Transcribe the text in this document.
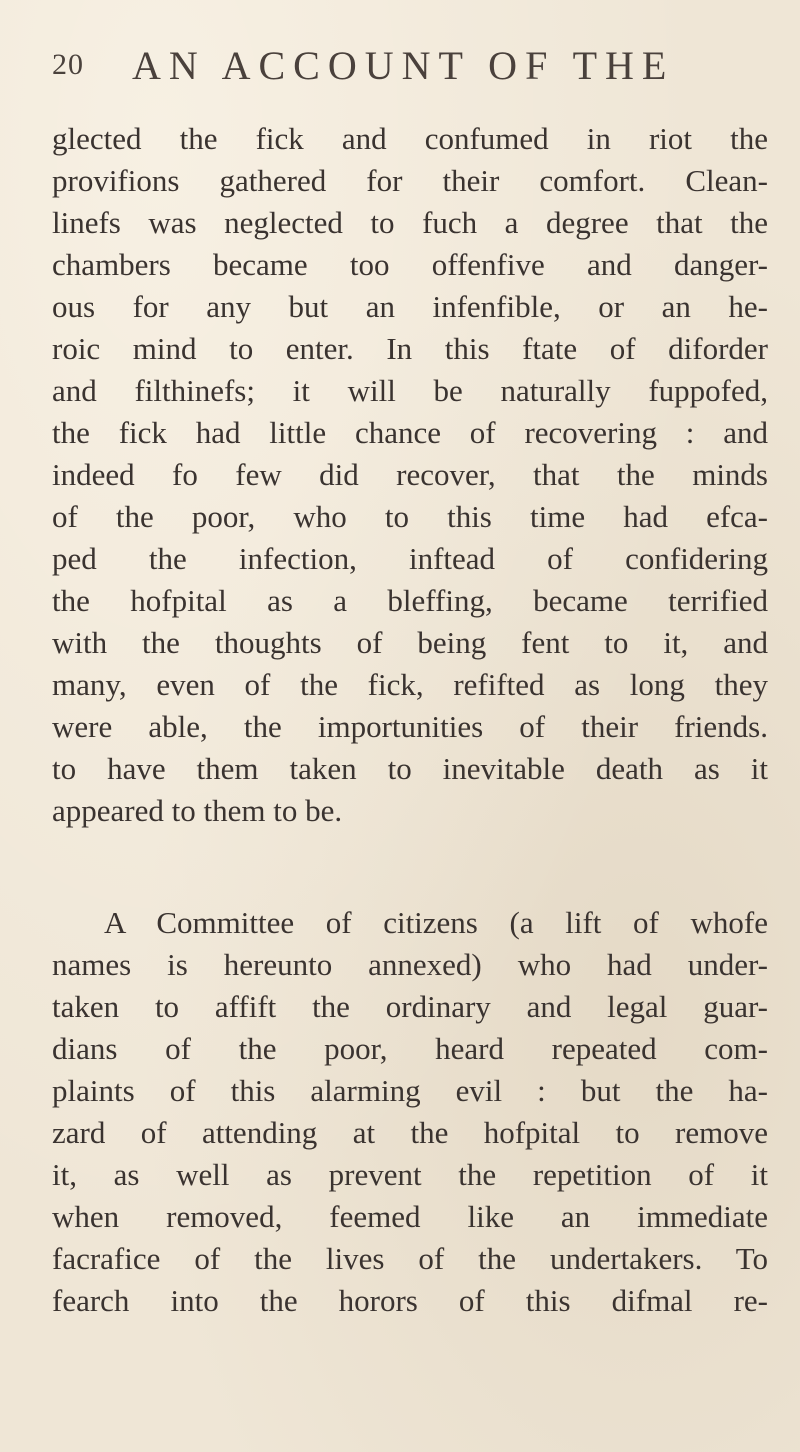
20 AN ACCOUNT OF THE
glected the fick and confumed in riot the
provifions gathered for their comfort. Clean-
linefs was neglected to fuch a degree that the
chambers became too offenfive and danger-
ous for any but an infenfible, or an he-
roic mind to enter. In this ftate of diforder
and filthinefs; it will be naturally fuppofed,
the fick had little chance of recovering : and
indeed fo few did recover, that the minds
of the poor, who to this time had efca-
ped the infection, inftead of confidering
the hofpital as a bleffing, became terrified
with the thoughts of being fent to it, and
many, even of the fick, refifted as long they
were able, the importunities of their friends.
to have them taken to inevitable death as it
appeared to them to be.
A Committee of citizens (a lift of whofe
names is hereunto annexed) who had under-
taken to affift the ordinary and legal guar-
dians of the poor, heard repeated com-
plaints of this alarming evil : but the ha-
zard of attending at the hofpital to remove
it, as well as prevent the repetition of it
when removed, feemed like an immediate
facrafice of the lives of the undertakers. To
fearch into the horors of this difmal re-
